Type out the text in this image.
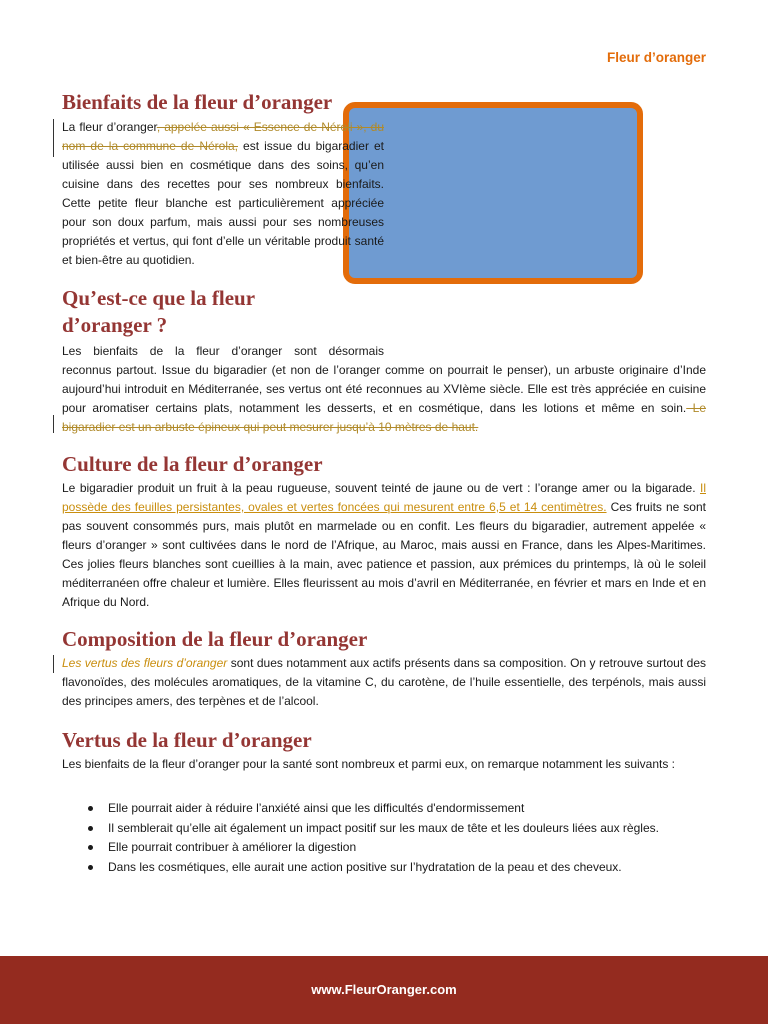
Fleur d’oranger
Bienfaits de la fleur d’oranger

La fleur d’oranger, appelée aussi « Essence de Néroli », du nom de la commune de Nérola, est issue du bigaradier et utilisée aussi bien en cosmétique dans des soins, qu’en cuisine dans des recettes pour ses nombreux bienfaits. Cette petite fleur blanche est particulièrement appréciée pour son doux parfum, mais aussi pour ses nombreuses propriétés et vertus, qui font d’elle un véritable produit santé et bien-être au quotidien.

Qu’est-ce que la fleur
d’oranger ?

Les bienfaits de la fleur d’oranger sont désormais

reconnus partout. Issue du bigaradier (et non de l’oranger comme on pourrait le penser), un arbuste originaire d’Inde aujourd’hui introduit en Méditerranée, ses vertus ont été reconnues au XVIème siècle. Elle est très appréciée en cuisine pour aromatiser certains plats, notamment les desserts, et en cosmétique, dans les lotions et même en soin. Le bigaradier est un arbuste épineux qui peut mesurer jusqu’à 10 mètres de haut.

Culture de la fleur d’oranger

Le bigaradier produit un fruit à la peau rugueuse, souvent teinté de jaune ou de vert : l’orange amer ou la bigarade. Il possède des feuilles persistantes, ovales et vertes foncées qui mesurent entre 6,5 et 14 centimètres. Ces fruits ne sont pas souvent consommés purs, mais plutôt en marmelade ou en confit. Les fleurs du bigaradier, autrement appelée « fleurs d’oranger » sont cultivées dans le nord de l’Afrique, au Maroc, mais aussi en France, dans les Alpes-Maritimes. Ces jolies fleurs blanches sont cueillies à la main, avec patience et passion, aux prémices du printemps, là où le soleil méditerranéen offre chaleur et lumière. Elles fleurissent au mois d’avril en Méditerranée, en février et mars en Inde et en Afrique du Nord.

Composition de la fleur d’oranger

Les vertus des fleurs d’oranger sont dues notamment aux actifs présents dans sa composition. On y retrouve surtout des flavonoïdes, des molécules aromatiques, de la vitamine C, du carotène, de l’huile essentielle, des terpénols, mais aussi des principes amers, des terpènes et de l’alcool.

Vertus de la fleur d’oranger

Les bienfaits de la fleur d’oranger pour la santé sont nombreux et parmi eux, on remarque notamment les suivants :

Elle pourrait aider à réduire l’anxiété ainsi que les difficultés d'endormissement
Il semblerait qu’elle ait également un impact positif sur les maux de tête et les douleurs liées aux règles.
Elle pourrait contribuer à améliorer la digestion
Dans les cosmétiques, elle aurait une action positive sur l’hydratation de la peau et des cheveux.
www.FleurOranger.com
